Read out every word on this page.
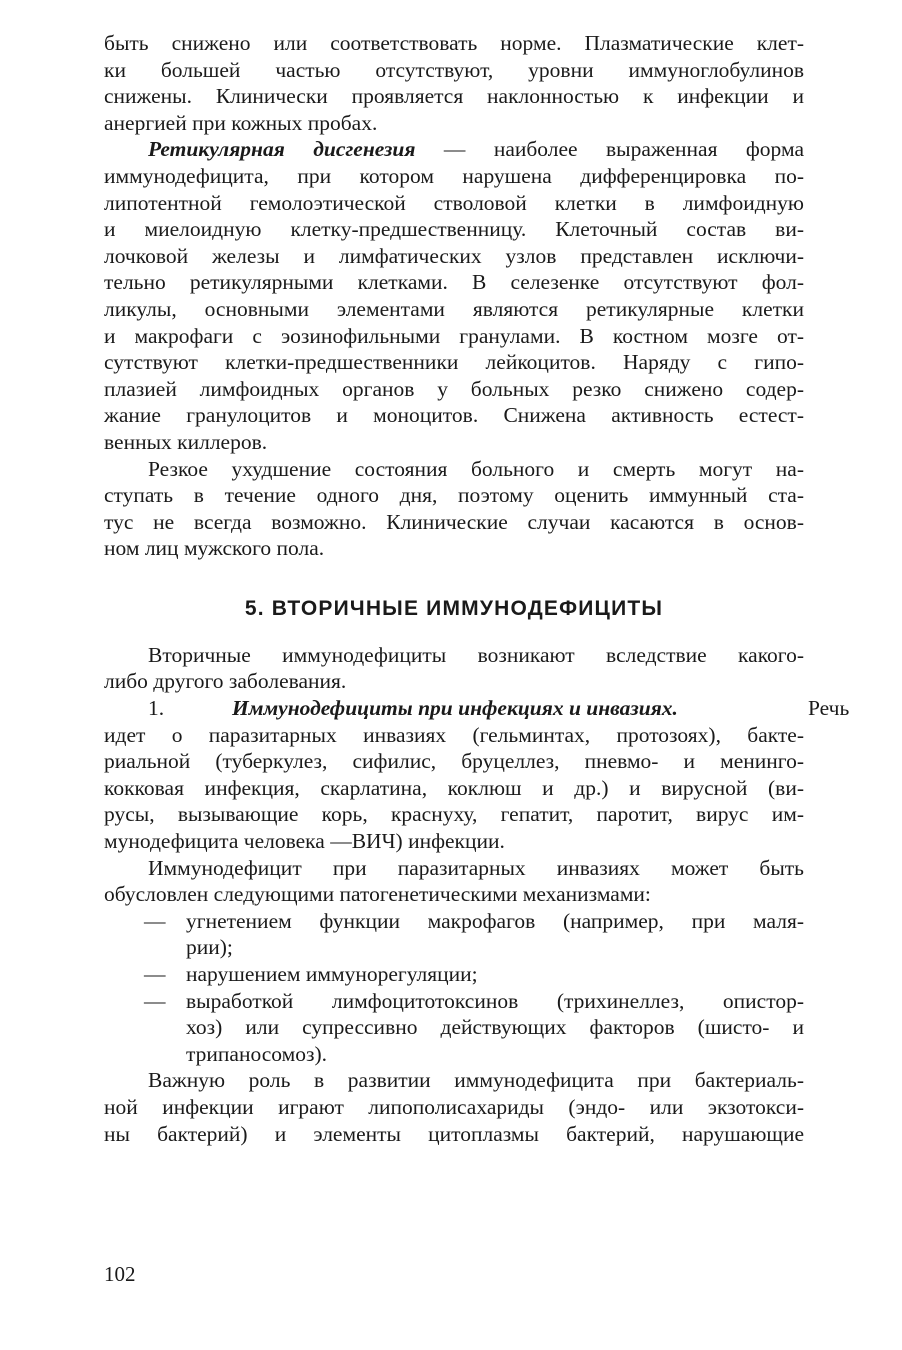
быть снижено или соответствовать норме. Плазматические клет-

ки большей частью отсутствуют, уровни иммуноглобулинов

снижены. Клинически проявляется наклонностью к инфекции и

анергией при кожных пробах.

Ретикулярная дисгенезия — наиболее выраженная форма

иммунодефицита, при котором нарушена дифференцировка по-

липотентной гемолоэтической стволовой клетки в лимфоидную

и миелоидную клетку-предшественницу. Клеточный состав ви-

лочковой железы и лимфатических узлов представлен исключи-

тельно ретикулярными клетками. В селезенке отсутствуют фол-

ликулы, основными элементами являются ретикулярные клетки

и макрофаги с эозинофильными гранулами. В костном мозге от-

сутствуют клетки-предшественники лейкоцитов. Наряду с гипо-

плазией лимфоидных органов у больных резко снижено содер-

жание гранулоцитов и моноцитов. Снижена активность естест-

венных киллеров.

Резкое ухудшение состояния больного и смерть могут на-

ступать в течение одного дня, поэтому оценить иммунный ста-

тус не всегда возможно. Клинические случаи касаются в основ-

ном лиц мужского пола.

5. ВТОРИЧНЫЕ ИММУНОДЕФИЦИТЫ

Вторичные иммунодефициты возникают вследствие какого-

либо другого заболевания.

1.	Иммунодефициты при инфекциях и инвазиях.	Речь

идет о паразитарных инвазиях (гельминтах, протозоях), бакте-

риальной (туберкулез, сифилис, бруцеллез, пневмо- и менинго-

кокковая инфекция, скарлатина, коклюш и др.) и вирусной (ви-

русы, вызывающие корь, краснуху, гепатит, паротит, вирус им-

мунодефицита человека —ВИЧ) инфекции.

Иммунодефицит при паразитарных инвазиях может быть

обусловлен следующими патогенетическими механизмами:

— угнетением функции макрофагов (например, при маля-

рии);

— нарушением иммунорегуляции;

— выработкой лимфоцитотоксинов (трихинеллез, опистор-

хоз) или супрессивно действующих факторов (шисто- и

трипаносомоз).

Важную роль в развитии иммунодефицита при бактериаль-

ной инфекции играют липополисахариды (эндо- или экзотокси-

ны бактерий) и элементы цитоплазмы бактерий, нарушающие

102
